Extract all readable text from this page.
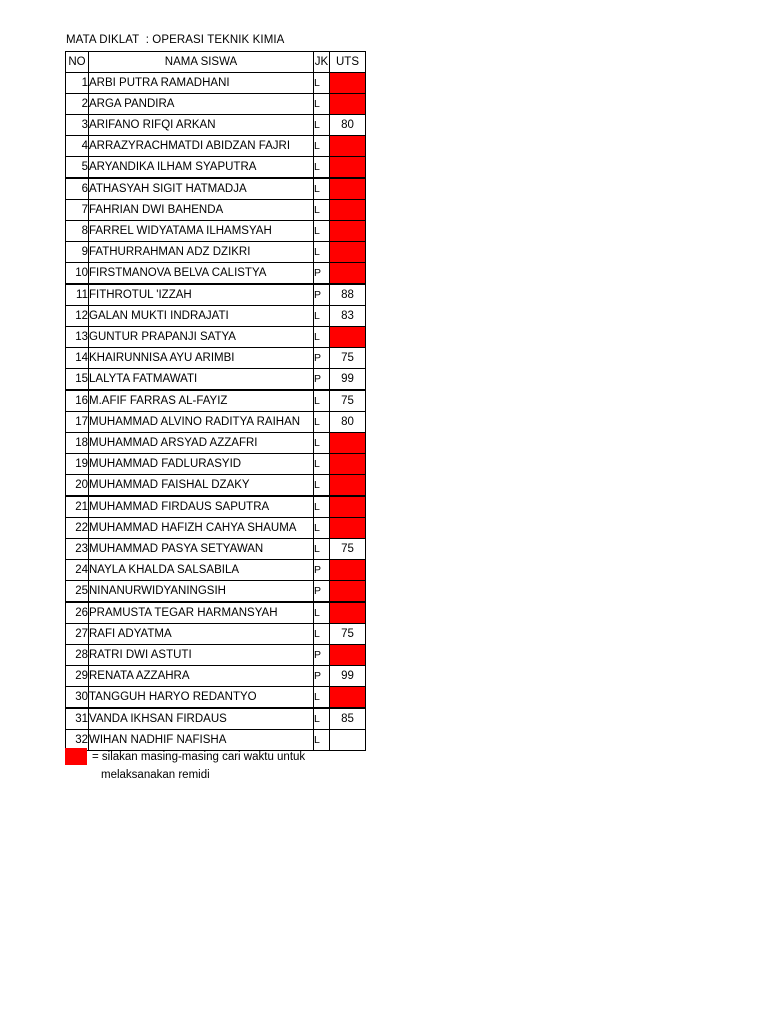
MATA DIKLAT  : OPERASI TEKNIK KIMIA
NO	NAMA SISWA	JK	UTS
1	ARBI PUTRA RAMADHANI	L	
2	ARGA PANDIRA	L	
3	ARIFANO RIFQI ARKAN	L	80
4	ARRAZYRACHMATDI ABIDZAN FAJRI	L	
5	ARYANDIKA ILHAM SYAPUTRA	L	
6	ATHASYAH SIGIT HATMADJA	L	
7	FAHRIAN DWI BAHENDA	L	
8	FARREL WIDYATAMA ILHAMSYAH	L	
9	FATHURRAHMAN ADZ DZIKRI	L	
10	FIRSTMANOVA BELVA CALISTYA	P	
11	FITHROTUL 'IZZAH	P	88
12	GALAN MUKTI INDRAJATI	L	83
13	GUNTUR PRAPANJI SATYA	L	
14	KHAIRUNNISA AYU ARIMBI	P	75
15	LALYTA FATMAWATI	P	99
16	M.AFIF FARRAS AL-FAYIZ	L	75
17	MUHAMMAD ALVINO RADITYA RAIHAN	L	80
18	MUHAMMAD ARSYAD AZZAFRI	L	
19	MUHAMMAD FADLURASYID	L	
20	MUHAMMAD FAISHAL DZAKY	L	
21	MUHAMMAD FIRDAUS SAPUTRA	L	
22	MUHAMMAD HAFIZH CAHYA SHAUMA	L	
23	MUHAMMAD PASYA SETYAWAN	L	75
24	NAYLA KHALDA SALSABILA	P	
25	NINANURWIDYANINGSIH	P	
26	PRAMUSTA TEGAR HARMANSYAH	L	
27	RAFI ADYATMA	L	75
28	RATRI DWI ASTUTI	P	
29	RENATA AZZAHRA	P	99
30	TANGGUH HARYO REDANTYO	L	
31	VANDA IKHSAN FIRDAUS	L	85
32	WIHAN NADHIF NAFISHA	L	
= silakan masing-masing cari waktu untuk
melaksanakan remidi
